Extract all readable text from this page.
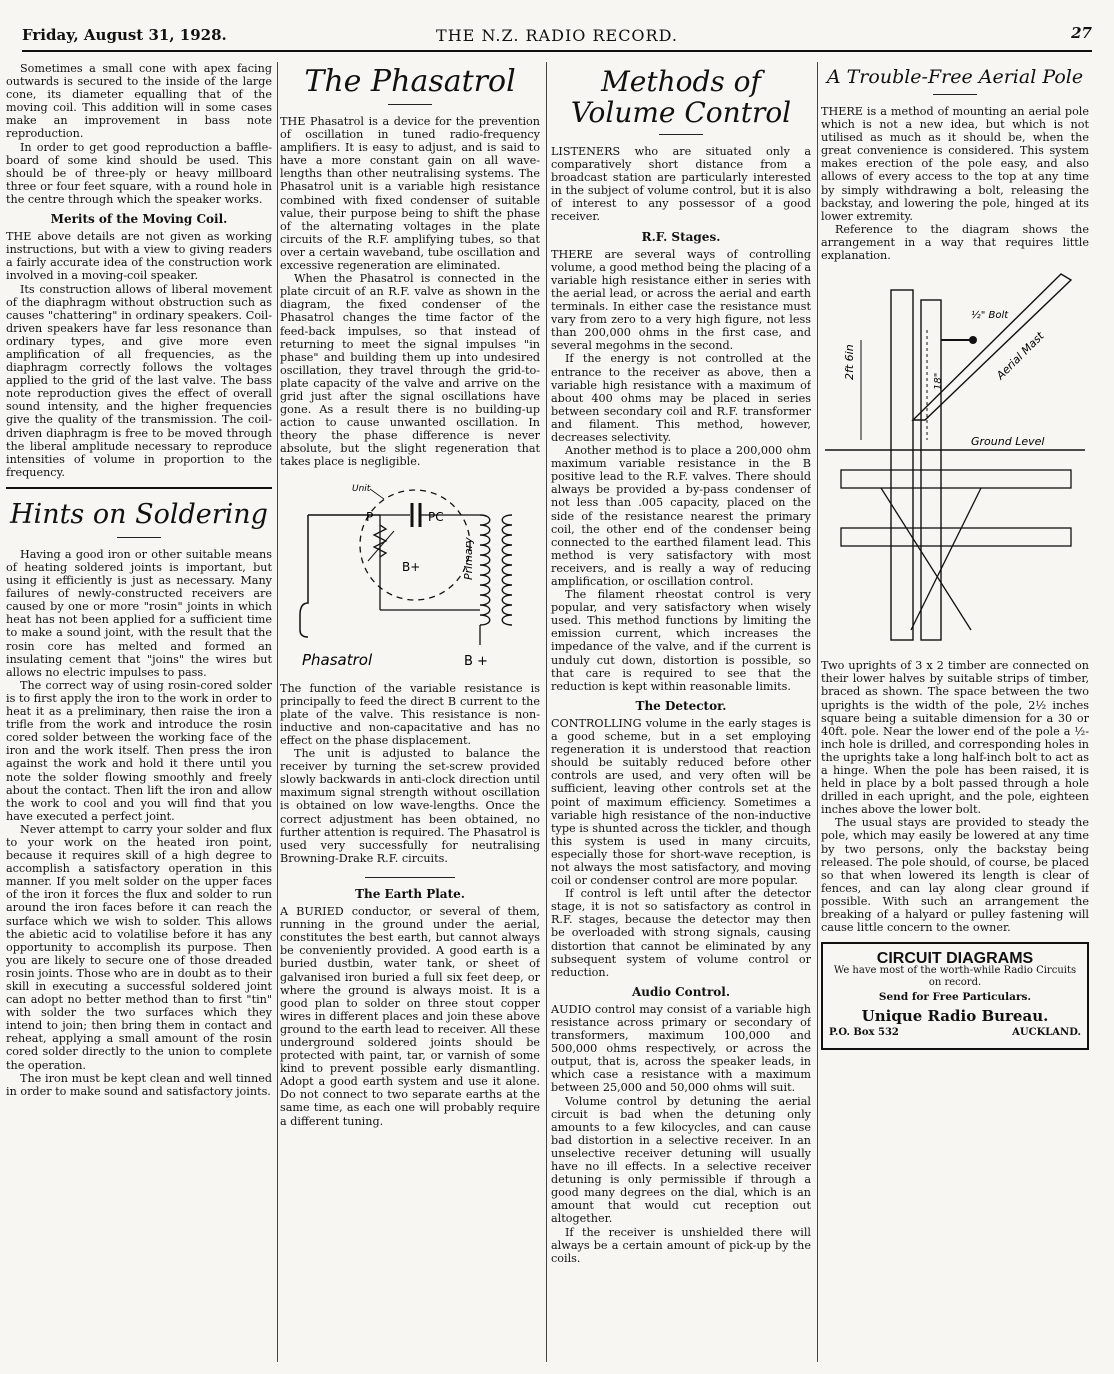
Friday, August 31, 1928.	THE N.Z. RADIO RECORD.	27

Sometimes a small cone with apex facing outwards is secured to the inside of the large cone, its diameter equalling that of the moving coil. This addition will in some cases make an improvement in bass note reproduction.

In order to get good reproduction a baffle-board of some kind should be used. This should be of three-ply or heavy millboard three or four feet square, with a round hole in the centre through which the speaker works.

Merits of the Moving Coil.

THE above details are not given as working instructions, but with a view to giving readers a fairly accurate idea of the construction work involved in a moving-coil speaker.

Its construction allows of liberal movement of the diaphragm without obstruction such as causes "chattering" in ordinary speakers. Coil-driven speakers have far less resonance than ordinary types, and give more even amplification of all frequencies, as the diaphragm correctly follows the voltages applied to the grid of the last valve. The bass note reproduction gives the effect of overall sound intensity, and the higher frequencies give the quality of the transmission. The coil-driven diaphragm is free to be moved through the liberal amplitude necessary to reproduce intensities of volume in proportion to the frequency.

Hints on Soldering

Having a good iron or other suitable means of heating soldered joints is important, but using it efficiently is just as necessary. Many failures of newly-constructed receivers are caused by one or more "rosin" joints in which heat has not been applied for a sufficient time to make a sound joint, with the result that the rosin core has melted and formed an insulating cement that "joins" the wires but allows no electric impulses to pass.

The correct way of using rosin-cored solder is to first apply the iron to the work in order to heat it as a preliminary, then raise the iron a trifle from the work and introduce the rosin cored solder between the working face of the iron and the work itself. Then press the iron against the work and hold it there until you note the solder flowing smoothly and freely about the contact. Then lift the iron and allow the work to cool and you will find that you have executed a perfect joint.

Never attempt to carry your solder and flux to your work on the heated iron point, because it requires skill of a high degree to accomplish a satisfactory operation in this manner. If you melt solder on the upper faces of the iron it forces the flux and solder to run around the iron faces before it can reach the surface which we wish to solder. This allows the abietic acid to volatilise before it has any opportunity to accomplish its purpose. Then you are likely to secure one of those dreaded rosin joints. Those who are in doubt as to their skill in executing a successful soldered joint can adopt no better method than to first "tin" with solder the two surfaces which they intend to join; then bring them in contact and reheat, applying a small amount of the rosin cored solder directly to the union to complete the operation.

The iron must be kept clean and well tinned in order to make sound and satisfactory joints.

The Phasatrol

THE Phasatrol is a device for the prevention of oscillation in tuned radio-frequency amplifiers. It is easy to adjust, and is said to have a more constant gain on all wave-lengths than other neutralising systems. The Phasatrol unit is a variable high resistance combined with fixed condenser of suitable value, their purpose being to shift the phase of the alternating voltages in the plate circuits of the R.F. amplifying tubes, so that over a certain waveband, tube oscillation and excessive regeneration are eliminated.

When the Phasatrol is connected in the plate circuit of an R.F. valve as shown in the diagram, the fixed condenser of the Phasatrol changes the time factor of the feed-back impulses, so that instead of returning to meet the signal impulses "in phase" and building them up into undesired oscillation, they travel through the grid-to-plate capacity of the valve and arrive on the grid just after the signal oscillations have gone. As a result there is no building-up action to cause unwanted oscillation. In theory the phase difference is never absolute, but the slight regeneration that takes place is negligible.

Unit
P	PC
B+	Primary
Phasatrol	B +

The function of the variable resistance is principally to feed the direct B current to the plate of the valve. This resistance is non-inductive and non-capacitative and has no effect on the phase displacement.

The unit is adjusted to balance the receiver by turning the set-screw provided slowly backwards in anti-clock direction until maximum signal strength without oscillation is obtained on low wave-lengths. Once the correct adjustment has been obtained, no further attention is required. The Phasatrol is used very successfully for neutralising Browning-Drake R.F. circuits.

The Earth Plate.

A BURIED conductor, or several of them, running in the ground under the aerial, constitutes the best earth, but cannot always be conveniently provided. A good earth is a buried dustbin, water tank, or sheet of galvanised iron buried a full six feet deep, or where the ground is always moist. It is a good plan to solder on three stout copper wires in different places and join these above ground to the earth lead to receiver. All these underground soldered joints should be protected with paint, tar, or varnish of some kind to prevent possible early dismantling. Adopt a good earth system and use it alone. Do not connect to two separate earths at the same time, as each one will probably require a different tuning.

Methods of Volume Control

LISTENERS who are situated only a comparatively short distance from a broadcast station are particularly interested in the subject of volume control, but it is also of interest to any possessor of a good receiver.

R.F. Stages.

THERE are several ways of controlling volume, a good method being the placing of a variable high resistance either in series with the aerial lead, or across the aerial and earth terminals. In either case the resistance must vary from zero to a very high figure, not less than 200,000 ohms in the first case, and several megohms in the second.

If the energy is not controlled at the entrance to the receiver as above, then a variable high resistance with a maximum of about 400 ohms may be placed in series between secondary coil and R.F. transformer and filament. This method, however, decreases selectivity.

Another method is to place a 200,000 ohm maximum variable resistance in the B positive lead to the R.F. valves. There should always be provided a by-pass condenser of not less than .005 capacity, placed on the side of the resistance nearest the primary coil, the other end of the condenser being connected to the earthed filament lead. This method is very satisfactory with most receivers, and is really a way of reducing amplification, or oscillation control.

The filament rheostat control is very popular, and very satisfactory when wisely used. This method functions by limiting the emission current, which increases the impedance of the valve, and if the current is unduly cut down, distortion is possible, so that care is required to see that the reduction is kept within reasonable limits.

The Detector.

CONTROLLING volume in the early stages is a good scheme, but in a set employing regeneration it is understood that reaction should be suitably reduced before other controls are used, and very often will be sufficient, leaving other controls set at the point of maximum efficiency. Sometimes a variable high resistance of the non-inductive type is shunted across the tickler, and though this system is used in many circuits, especially those for short-wave reception, is not always the most satisfactory, and moving coil or condenser control are more popular.

If control is left until after the detector stage, it is not so satisfactory as control in R.F. stages, because the detector may then be overloaded with strong signals, causing distortion that cannot be eliminated by any subsequent system of volume control or reduction.

Audio Control.

AUDIO control may consist of a variable high resistance across primary or secondary of transformers, maximum 100,000 and 500,000 ohms respectively, or across the output, that is, across the speaker leads, in which case a resistance with a maximum between 25,000 and 50,000 ohms will suit.

Volume control by detuning the aerial circuit is bad when the detuning only amounts to a few kilocycles, and can cause bad distortion in a selective receiver. In an unselective receiver detuning will usually have no ill effects. In a selective receiver detuning is only permissible if through a good many degrees on the dial, which is an amount that would cut reception out altogether.

If the receiver is unshielded there will always be a certain amount of pick-up by the coils.

A Trouble-Free Aerial Pole

THERE is a method of mounting an aerial pole which is not a new idea, but which is not utilised as much as it should be, when the great convenience is considered. This system makes erection of the pole easy, and also allows of every access to the top at any time by simply withdrawing a bolt, releasing the backstay, and lowering the pole, hinged at its lower extremity.

Reference to the diagram shows the arrangement in a way that requires little explanation.

2ft 6in
18"
½" Bolt
Aerial Mast
Ground Level

Two uprights of 3 x 2 timber are connected on their lower halves by suitable strips of timber, braced as shown. The space between the two uprights is the width of the pole, 2½ inches square being a suitable dimension for a 30 or 40ft. pole. Near the lower end of the pole a ½-inch hole is drilled, and corresponding holes in the uprights take a long half-inch bolt to act as a hinge. When the pole has been raised, it is held in place by a bolt passed through a hole drilled in each upright, and the pole, eighteen inches above the lower bolt.

The usual stays are provided to steady the pole, which may easily be lowered at any time by two persons, only the backstay being released. The pole should, of course, be placed so that when lowered its length is clear of fences, and can lay along clear ground if possible. With such an arrangement the breaking of a halyard or pulley fastening will cause little concern to the owner.

CIRCUIT DIAGRAMS
We have most of the worth-while Radio Circuits on record.
Send for Free Particulars.
Unique Radio Bureau.
P.O. Box 532	AUCKLAND.
